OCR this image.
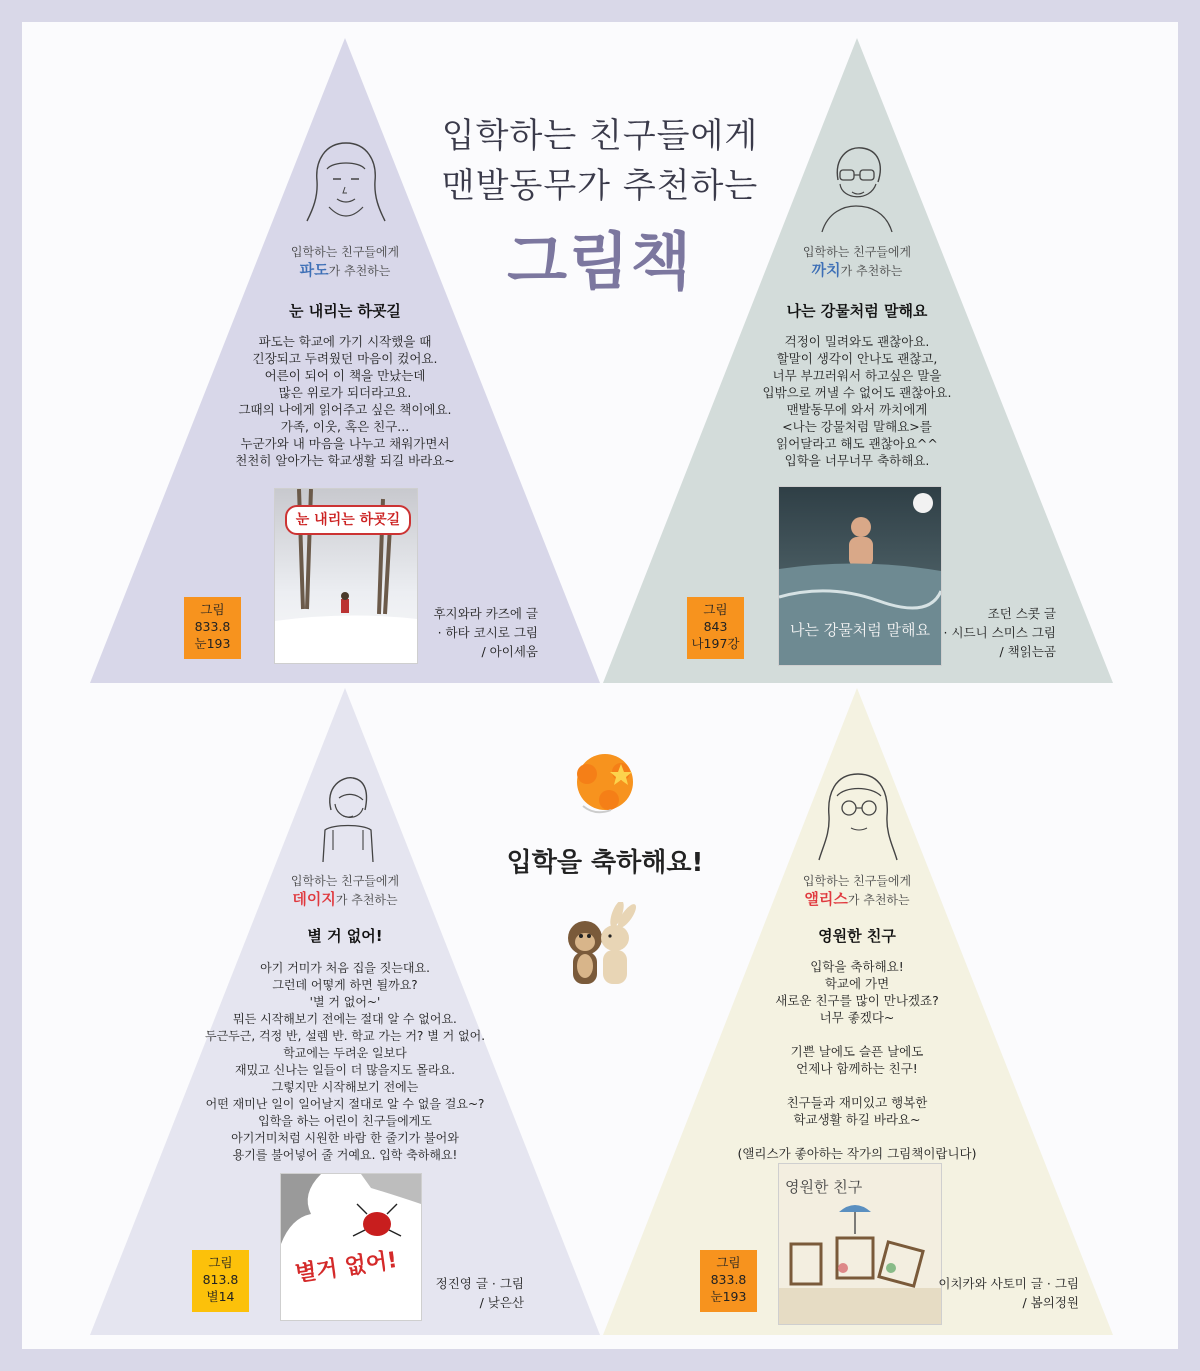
입학하는 친구들에게
맨발동무가 추천하는
그림책
입학을 축하해요!
입학하는 친구들에게
파도가 추천하는
눈 내리는 하굣길
파도는 학교에 가기 시작했을 때
긴장되고 두려웠던 마음이 컸어요.
어른이 되어 이 책을 만났는데
많은 위로가 되더라고요.
그때의 나에게 읽어주고 싶은 책이에요.
가족, 이웃, 혹은 친구...
누군가와 내 마음을 나누고 채워가면서
천천히 알아가는 학교생활 되길 바라요~
눈 내리는 하굣길
그림
833.8
눈193
후지와라 카즈에 글
· 하타 코시로 그림
/ 아이세움
입학하는 친구들에게
까치가 추천하는
나는 강물처럼 말해요
걱정이 밀려와도 괜찮아요.
할말이 생각이 안나도 괜찮고,
너무 부끄러워서 하고싶은 말을
입밖으로 꺼낼 수 없어도 괜찮아요.
맨발동무에 와서 까치에게
<나는 강물처럼 말해요>를
읽어달라고 해도 괜찮아요^^
입학을 너무너무 축하해요.
나는 강물처럼 말해요
그림
843
나197강
조던 스콧 글
· 시드니 스미스 그림
/ 책읽는곰
입학하는 친구들에게
데이지가 추천하는
별 거 없어!
아기 거미가 처음 집을 짓는대요.
그런데 어떻게 하면 될까요?
'별 거 없어~'
뭐든 시작해보기 전에는 절대 알 수 없어요.
두근두근, 걱정 반, 설렘 반. 학교 가는 거? 별 거 없어.
학교에는 두려운 일보다
재밌고 신나는 일들이 더 많을지도 몰라요.
그렇지만 시작해보기 전에는
어떤 재미난 일이 일어날지 절대로 알 수 없을 걸요~?
입학을 하는 어린이 친구들에게도
아기거미처럼 시원한 바람 한 줄기가 불어와
용기를 불어넣어 줄 거예요. 입학 축하해요!
별거 없어!
그림
813.8
별14
정진영 글 · 그림
/ 낮은산
입학하는 친구들에게
앨리스가 추천하는
영원한 친구
입학을 축하해요!
학교에 가면
새로운 친구를 많이 만나겠죠?
너무 좋겠다~

기쁜 날에도 슬픈 날에도
언제나 함께하는 친구!

친구들과 재미있고 행복한
학교생활 하길 바라요~

(앨리스가 좋아하는 작가의 그림책이랍니다)
영원한 친구
그림
833.8
눈193
이치카와 사토미 글 · 그림
/ 봄의정원
